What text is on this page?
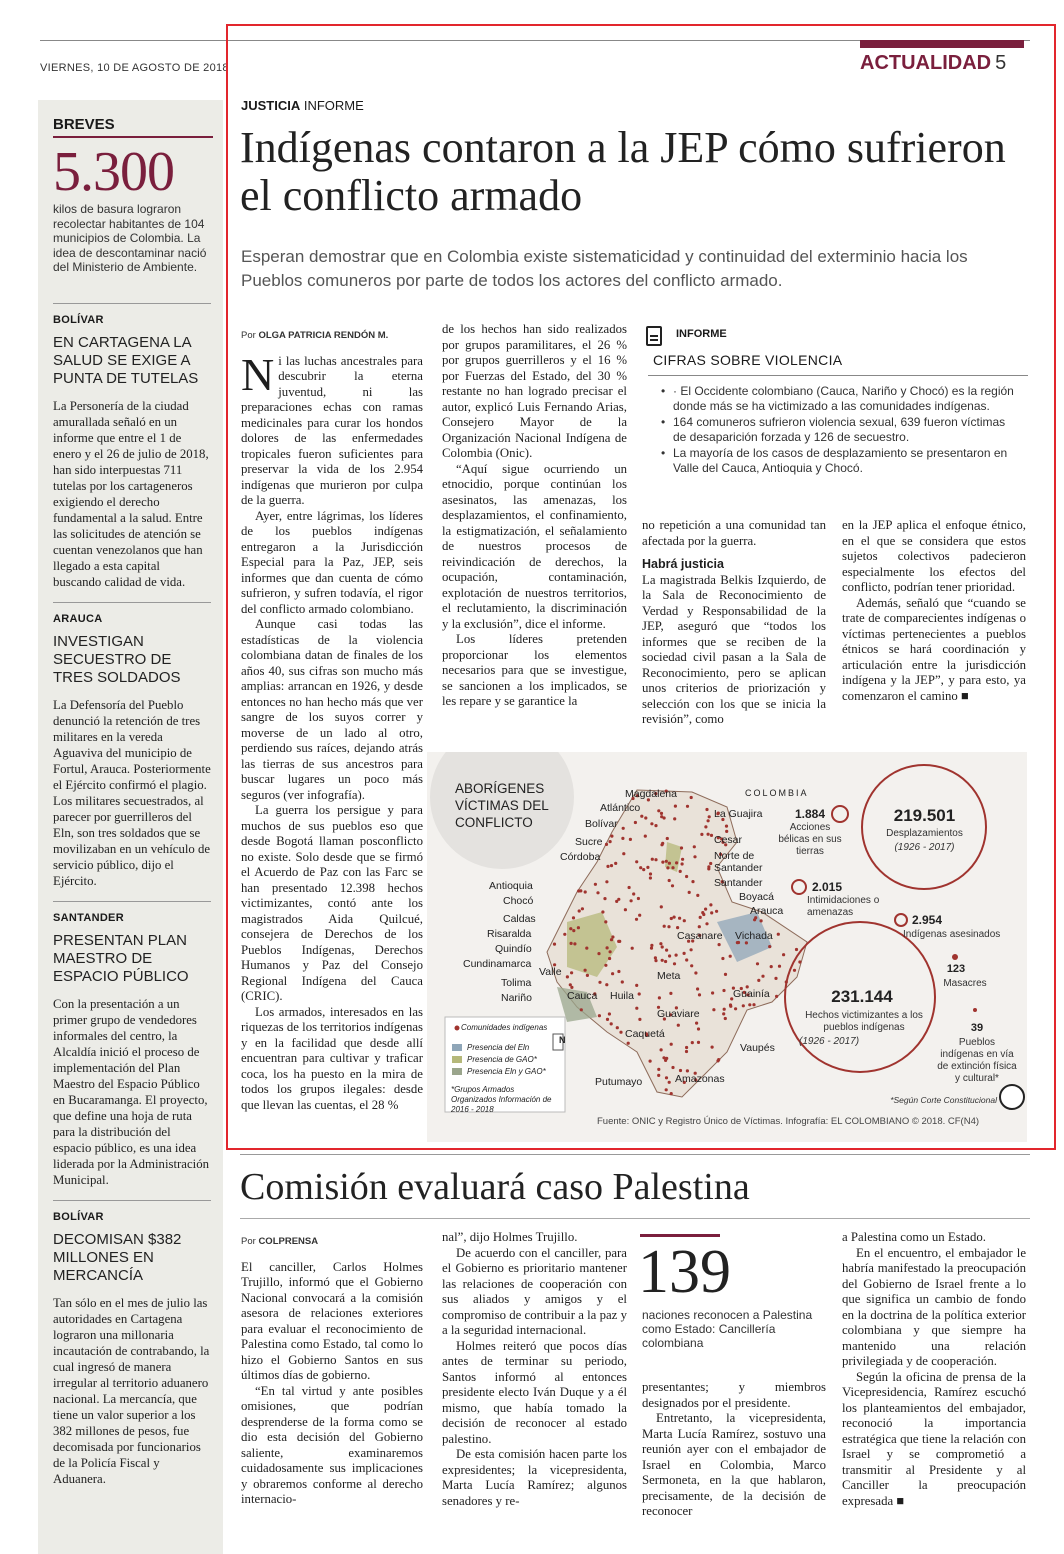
VIERNES, 10 DE AGOSTO DE 2018	ACTUALIDAD 5
BREVES
5.300
kilos de basura lograron recolectar habitantes de 104 municipios de Colombia. La idea de descontaminar nació del Ministerio de Ambiente.
BOLÍVAR
EN CARTAGENA LA SALUD SE EXIGE A PUNTA DE TUTELAS
La Personería de la ciudad amurallada señaló en un informe que entre el 1 de enero y el 26 de julio de 2018, han sido interpuestas 711 tutelas por los cartageneros exigiendo el derecho fundamental a la salud. Entre las solicitudes de atención se cuentan venezolanos que han llegado a esta capital buscando calidad de vida.
ARAUCA
INVESTIGAN SECUESTRO DE TRES SOLDADOS
La Defensoría del Pueblo denunció la retención de tres militares en la vereda Aguaviva del municipio de Fortul, Arauca. Posteriormente el Ejército confirmó el plagio. Los militares secuestrados, al parecer por guerrilleros del Eln, son tres soldados que se movilizaban en un vehículo de servicio público, dijo el Ejército.
SANTANDER
PRESENTAN PLAN MAESTRO DE ESPACIO PÚBLICO
Con la presentación a un primer grupo de vendedores informales del centro, la Alcaldía inició el proceso de implementación del Plan Maestro del Espacio Público en Bucaramanga. El proyecto, que define una hoja de ruta para la distribución del espacio público, es una idea liderada por la Administración Municipal.
BOLÍVAR
DECOMISAN $382 MILLONES EN MERCANCÍA
Tan sólo en el mes de julio las autoridades en Cartagena lograron una millonaria incautación de contrabando, la cual ingresó de manera irregular al territorio aduanero nacional. La mercancía, que tiene un valor superior a los 382 millones de pesos, fue decomisada por funcionarios de la Policía Fiscal y Aduanera.
JUSTICIA INFORME
Indígenas contaron a la JEP cómo sufrieron el conflicto armado
Esperan demostrar que en Colombia existe sistematicidad y continuidad del exterminio hacia los Pueblos comuneros por parte de todos los actores del conflicto armado.
Por OLGA PATRICIA RENDÓN M.

Ni las luchas ancestrales para descubrir la eterna juventud, ni las preparaciones echas con ramas medicinales para curar los hondos dolores de las enfermedades tropicales fueron suficientes para preservar la vida de los 2.954 indígenas que murieron por culpa de la guerra.

Ayer, entre lágrimas, los líderes de los pueblos indígenas entregaron a la Jurisdicción Especial para la Paz, JEP, seis informes que dan cuenta de cómo sufrieron, y sufren todavía, el rigor del conflicto armado colombiano.

Aunque casi todas las estadísticas de la violencia colombiana datan de finales de los años 40, sus cifras son mucho más amplias: arrancan en 1926, y desde entonces no han hecho más que ver sangre de los suyos correr y moverse de un lado al otro, perdiendo sus raíces, dejando atrás las tierras de sus ancestros para buscar lugares un poco más seguros (ver infografía).

La guerra los persigue y para muchos de sus pueblos eso que desde Bogotá llaman posconflicto no existe. Solo desde que se firmó el Acuerdo de Paz con las Farc se han presentado 12.398 hechos victimizantes, contó ante los magistrados Aida Quilcué, consejera de Derechos de los Pueblos Indígenas, Derechos Humanos y Paz del Consejo Regional Indígena del Cauca (CRIC).

Los armados, interesados en las riquezas de los territorios indígenas y en la facilidad que desde allí encuentran para cultivar y traficar coca, los ha puesto en la mira de todos los grupos ilegales: desde que llevan las cuentas, el 28 %

de los hechos han sido realizados por grupos paramilitares, el 26 % por grupos guerrilleros y el 16 % por Fuerzas del Estado, del 30 % restante no han logrado precisar el autor, explicó Luis Fernando Arias, Consejero Mayor de la Organización Nacional Indígena de Colombia (Onic).

“Aquí sigue ocurriendo un etnocidio, porque continúan los asesinatos, las amenazas, los desplazamientos, el confinamiento, la estigmatización, el señalamiento de nuestros procesos de reivindicación de derechos, la ocupación, contaminación, explotación de nuestros territorios, el reclutamiento, la discriminación y la exclusión”, dice el informe.

Los líderes pretenden proporcionar los elementos necesarios para que se investigue, se sancionen a los implicados, se les repare y se garantice la

no repetición a una comunidad tan afectada por la guerra.

Habrá justicia

La magistrada Belkis Izquierdo, de la Sala de Reconocimiento de Verdad y Responsabilidad de la JEP, aseguró que “todos los informes que se reciben de la sociedad civil pasan a la Sala de Reconocimiento, pero se aplican unos criterios de priorización y selección con los que se inicia la revisión”, como

en la JEP aplica el enfoque étnico, en el que se considera que estos sujetos colectivos padecieron especialmente los efectos del conflicto, podrían tener prioridad.

Además, señaló que “cuando se trate de comparecientes indígenas o víctimas pertenecientes a pueblos étnicos se hará coordinación y articulación entre la jurisdicción indígena y la JEP”, y para esto, ya comenzaron el camino ■

INFORME
CIFRAS SOBRE VIOLENCIA
• · El Occidente colombiano (Cauca, Nariño y Chocó) es la región donde más se ha victimizado a las comunidades indígenas.
• 164 comuneros sufrieron violencia sexual, 639 fueron víctimas de desaparición forzada y 126 de secuestro.
• La mayoría de los casos de desplazamiento se presentaron en Valle del Cauca, Antioquia y Chocó.
ABORÍGENES VÍCTIMAS DEL CONFLICTO
COLOMBIA
Magdalena
Atlántico
Bolívar
Sucre
Córdoba
La Guajira
Cesar
Norte de Santander
Santander
Boyacá
Arauca
Antioquia
Chocó
Caldas
Risaralda
Quindío
Cundinamarca
Casanare Vichada
Tolima
Valle
Nariño	Cauca Huila
Meta
Guainía
Guaviare
Caquetá
Vaupés
Putumayo	Amazonas
1.884
Acciones bélicas en sus tierras
219.501
Desplazamientos
(1926 - 2017)
2.015
Intimidaciones o amenazas
2.954
Indígenas asesinados
123
Masacres
231.144
Hechos victimizantes a los pueblos indígenas
(1926 - 2017)
39
Pueblos indígenas en vía de extinción física y cultural*
*Según Corte Constitucional
Comunidades indígenas
Presencia del Eln
Presencia de GAO*
Presencia Eln y GAO*
*Grupos Armados Organizados Información de 2016 - 2018
N
Fuente: ONIC y Registro Único de Víctimas. Infografía: EL COLOMBIANO © 2018. CF(N4)
Comisión evaluará caso Palestina
Por COLPRENSA

El canciller, Carlos Holmes Trujillo, informó que el Gobierno Nacional convocará a la comisión asesora de relaciones exteriores para evaluar el reconocimiento de Palestina como Estado, tal como lo hizo el Gobierno Santos en sus últimos días de gobierno.

“En tal virtud y ante posibles omisiones, que podrían desprenderse de la forma como se dio esta decisión del Gobierno saliente, examinaremos cuidadosamente sus implicaciones y obraremos conforme al derecho internacio-

nal”, dijo Holmes Trujillo.

De acuerdo con el canciller, para el Gobierno es prioritario mantener las relaciones de cooperación con sus aliados y amigos y el compromiso de contribuir a la paz y a la seguridad internacional.

Holmes reiteró que pocos días antes de terminar su periodo, Santos informó al entonces presidente electo Iván Duque y a él mismo, que había tomado la decisión de reconocer al estado palestino.

De esta comisión hacen parte los expresidentes; la vicepresidenta, Marta Lucía Ramírez; algunos senadores y re-

139
naciones reconocen a Palestina como Estado: Cancillería colombiana

presentantes; y miembros designados por el presidente.

Entretanto, la vicepresidenta, Marta Lucía Ramírez, sostuvo una reunión ayer con el embajador de Israel en Colombia, Marco Sermoneta, en la que hablaron, precisamente, de la decisión de reconocer

a Palestina como un Estado.

En el encuentro, el embajador le habría manifestado la preocupación del Gobierno de Israel frente a lo que significa un cambio de fondo en la doctrina de la política exterior colombiana y que siempre ha mantenido una relación privilegiada y de cooperación.

Según la oficina de prensa de la Vicepresidencia, Ramírez escuchó los planteamientos del embajador, reconoció la importancia estratégica que tiene la relación con Israel y se comprometió a transmitir al Presidente y al Canciller la preocupación expresada ■
